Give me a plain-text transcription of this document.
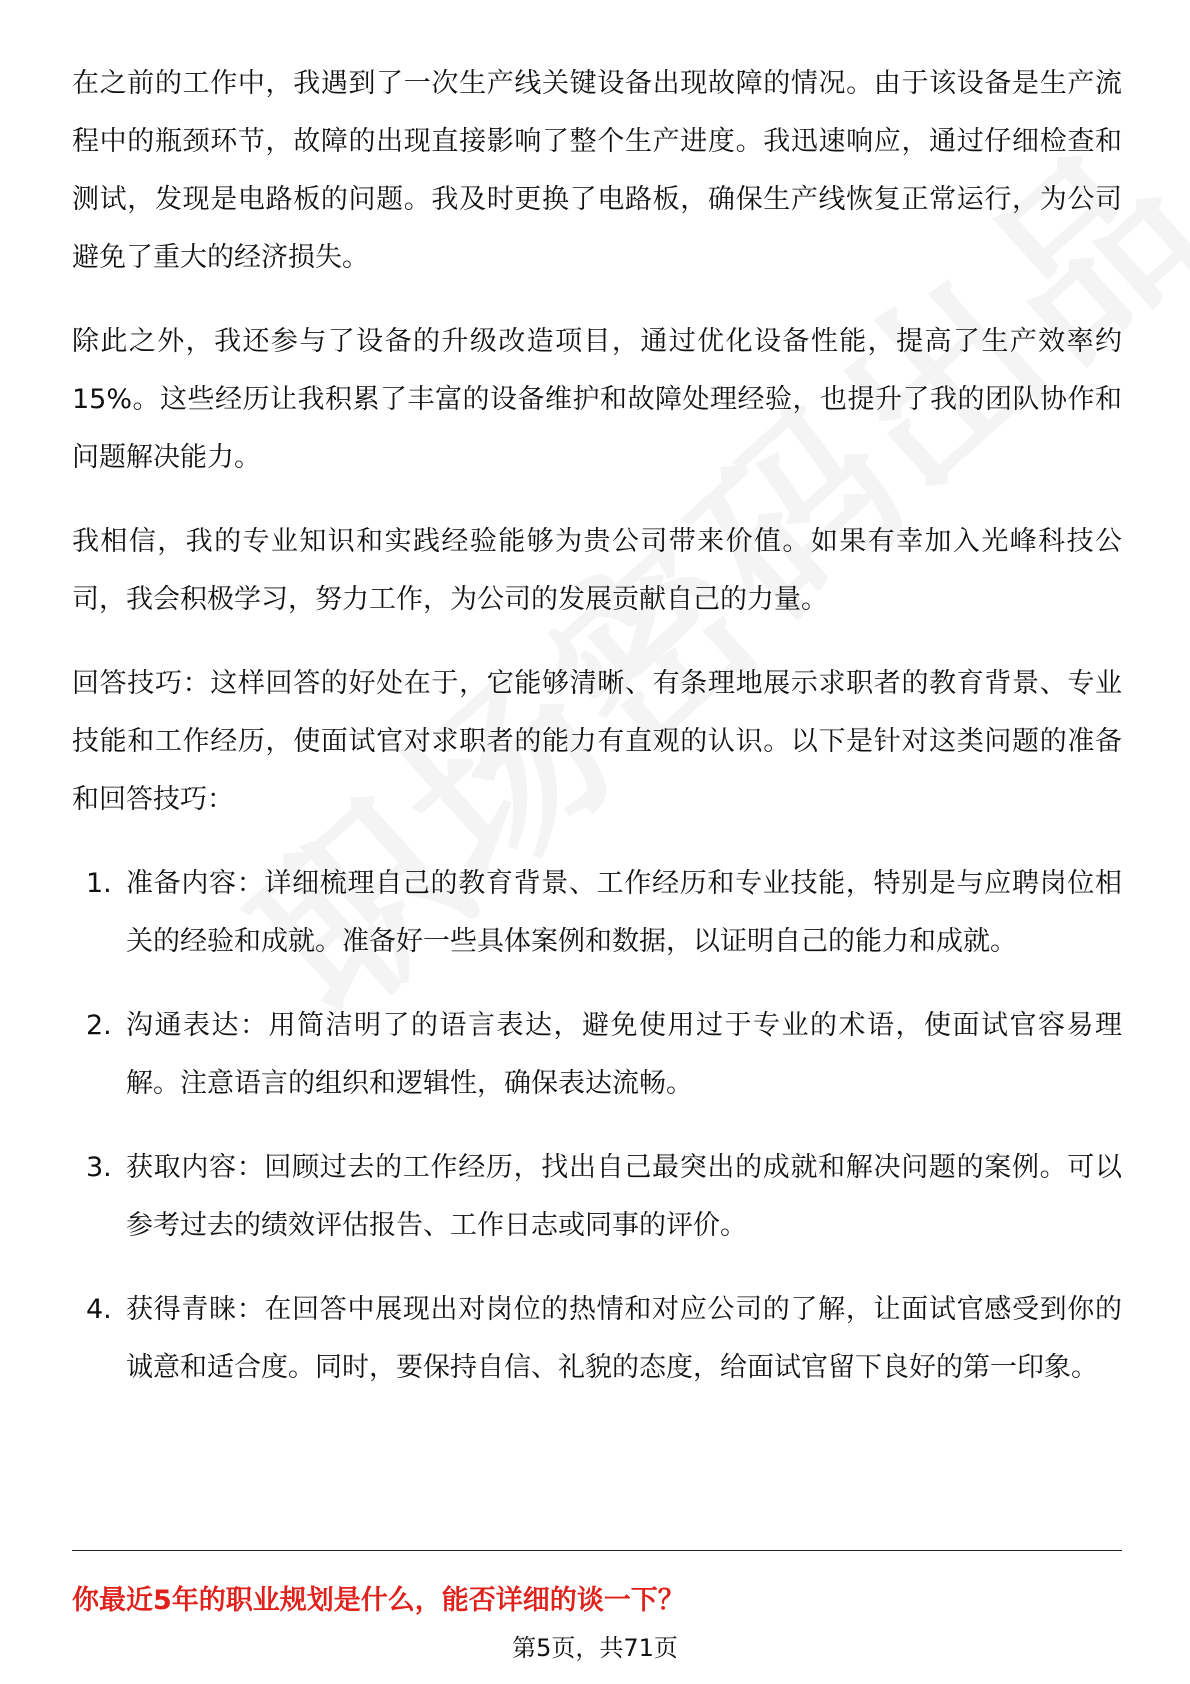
在之前的工作中，我遇到了一次生产线关键设备出现故障的情况。由于该设备是生产流程中的瓶颈环节，故障的出现直接影响了整个生产进度。我迅速响应，通过仔细检查和测试，发现是电路板的问题。我及时更换了电路板，确保生产线恢复正常运行，为公司避免了重大的经济损失。

除此之外，我还参与了设备的升级改造项目，通过优化设备性能，提高了生产效率约15%。这些经历让我积累了丰富的设备维护和故障处理经验，也提升了我的团队协作和问题解决能力。

我相信，我的专业知识和实践经验能够为贵公司带来价值。如果有幸加入光峰科技公司，我会积极学习，努力工作，为公司的发展贡献自己的力量。

回答技巧：这样回答的好处在于，它能够清晰、有条理地展示求职者的教育背景、专业技能和工作经历，使面试官对求职者的能力有直观的认识。以下是针对这类问题的准备和回答技巧：

1. 准备内容：详细梳理自己的教育背景、工作经历和专业技能，特别是与应聘岗位相关的经验和成就。准备好一些具体案例和数据，以证明自己的能力和成就。
2. 沟通表达：用简洁明了的语言表达，避免使用过于专业的术语，使面试官容易理解。注意语言的组织和逻辑性，确保表达流畅。
3. 获取内容：回顾过去的工作经历，找出自己最突出的成就和解决问题的案例。可以参考过去的绩效评估报告、工作日志或同事的评价。
4. 获得青睐：在回答中展现出对岗位的热情和对应公司的了解，让面试官感受到你的诚意和适合度。同时，要保持自信、礼貌的态度，给面试官留下良好的第一印象。
你最近5年的职业规划是什么，能否详细的谈一下？
第5页，共71页
